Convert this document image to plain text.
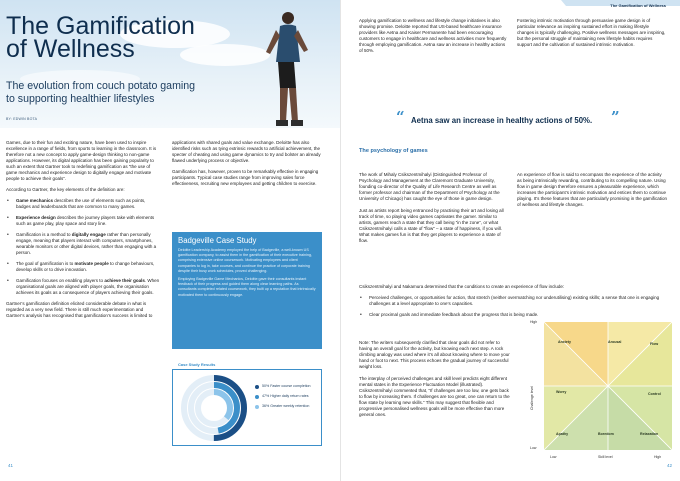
The Gamification
of Wellness

The evolution from couch potato gaming
to supporting healthier lifestyles

BY: EDWIN BOTA

Games, due to their fun and exciting nature, have been used to inspire excellence in a range of fields, from sports to learning in the classroom. It is therefore not a new concept to apply game-design thinking to non-game applications. However, its digital application has been gaining popularity to such an extent that Gartner took to redefining gamification as “the use of game mechanics and experience design to digitally engage and motivate people to achieve their goals”.

According to Gartner, the key elements of the definition are:

• Game mechanics describes the use of elements such as points, badges and leaderboards that are common to many games.
• Experience design describes the journey players take with elements such as game play, play space and story line.
• Gamification is a method to digitally engage rather than personally engage, meaning that players interact with computers, smartphones, wearable monitors or other digital devices, rather than engaging with a person.
• The goal of gamification is to motivate people to change behaviours, develop skills or to drive innovation.
• Gamification focuses on enabling players to achieve their goals. When organisational goals are aligned with player goals, the organisation achieves its goals as a consequence of players achieving their goals.

Gartner’s gamification definition elicited considerable debate in what is regarded as a very new field. There is still much experimentation and Gartner’s analysis has recognised that gamification’s success is limited to

applications with shared goals and value exchange. Deloitte has also identified risks such as tying extrinsic rewards to artificial achievement, the specter of cheating and using game dynamics to try and bolster an already flawed underlying process or objective.

Gamification has, however, proven to be remarkably effective in engaging participants. Typical case studies range from improving sales force effectiveness, recruiting new employees and getting children to exercise.

Badgeville Case Study

Deloitte Leadership Academy employed the help of Badgeville, a well-known US gamification company, to assist them in the gamification of their executive training, comprising extensive online coursework. Motivating employees and client companies to log in, take courses, and continue the practice of corporate training despite their busy work schedules, proved challenging.

Employing Badgeville Game Mechanics, Deloitte gave their consultants instant feedback of their progress and guided them along clear learning paths. As consultants completed related coursework, they built up a reputation that intrinsically motivated them to continuously engage.

Case Study Results
50% Faster course completion
47% Higher daily return rates
36% Greater weekly retention
41
The Gamification of Wellness

Applying gamification to wellness and lifestyle change initiatives is also showing promise. Deloitte reported that US-based healthcare insurance providers like Aetna and Kaiser Permanente had been encouraging customers to engage in healthcare and wellness activities more frequently through employing gamification. Aetna saw an increase in healthy actions of 50%.

Fostering intrinsic motivation through persuasive game design is of particular relevance as inspiring sustained effort in making lifestyle changes is typically challenging. Positive wellness messages are inspiring, but the personal struggle of maintaining new lifestyle habits requires support and the cultivation of sustained intrinsic motivation.

“ Aetna saw an increase in healthy actions of 50%. ”
The psychology of games

The work of Mihaly Csikszentmihalyi (Distinguished Professor of Psychology and Management at the Claremont Graduate University, founding co-director of the Quality of Life Research Centre as well as former professor and chairman of the Department of Psychology at the University of Chicago) has caught the eye of those in game design.

Just as artists report being entranced by practising their art and losing all track of time, so playing video games captivates the gamer. Similar to artists, gamers reach a state that they call being “in the zone”, or what Csikszentmihalyi calls a state of “flow” – a state of happiness, if you will. What makes games fun is that they get players to experience a state of flow.

An experience of flow is said to encompass the experience of the activity as being intrinsically rewarding, contributing to its compelling nature. Using flow in game design therefore ensures a pleasurable experience, which increases the participant’s intrinsic motivation and entices them to continue playing. It’s these features that are particularly promising in the gamification of wellness and lifestyle changes.

Csikszentmihalyi and Nakamura determined that the conditions to create an experience of flow include:

• Perceived challenges, or opportunities for action, that stretch (neither overmatching nor underutilising) existing skills; a sense that one is engaging challenges at a level appropriate to one’s capacities.
• Clear proximal goals and immediate feedback about the progress that is being made.

Note: The writers subsequently clarified that clear goals did not refer to having an overall goal for the activity, but knowing each next step. A rock climbing analogy was used where it’s all about knowing where to move your hand or foot to next. This process echoes the gradual journey of successful weight loss.

The interplay of perceived challenges and skill level predicts eight different mental states in the Experience Fluctuation Model (illustrated). Csikszentmihalyi commented that, “If challenges are too low, one gets back to flow by increasing them. If challenges are too great, one can return to the flow state by learning new skills.” This may suggest that flexible and progressive personalised wellness goals will be more effective than more general ones.

High
Low
Challenge level
Anxiety	Arousal	Flow
Worry	Control
Apathy	Boredom	Relaxation
Low	Skill level	High
42
